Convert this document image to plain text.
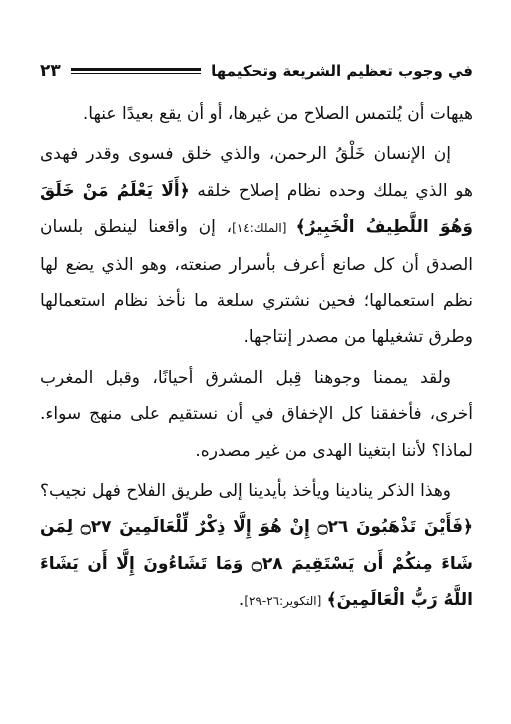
في وجوب تعظيم الشريعة وتحكيمها
٢٣

هيهات أن يُلتمس الصلاح من غيرها، أو أن يقع بعيدًا عنها.

إن الإنسان خَلْقُ الرحمن، والذي خلق فسوى وقدر فهدى هو الذي يملك وحده نظام إصلاح خلقه ﴿أَلَا يَعْلَمُ مَنْ خَلَقَ وَهُوَ اللَّطِيفُ الْخَبِيرُ﴾ [الملك:١٤]، إن واقعنا لينطق بلسان الصدق أن كل صانع أعرف بأسرار صنعته، وهو الذي يضع لها نظم استعمالها؛ فحين نشتري سلعة ما نأخذ نظام استعمالها وطرق تشغيلها من مصدر إنتاجها.

ولقد يممنا وجوهنا قِبل المشرق أحيانًا، وقبل المغرب أخرى، فأخفقنا كل الإخفاق في أن نستقيم على منهج سواء. لماذا؟ لأننا ابتغينا الهدى من غير مصدره.

وهذا الذكر ينادينا ويأخذ بأيدينا إلى طريق الفلاح فهل نجيب؟ ﴿فَأَيْنَ تَذْهَبُونَ ۝٢٦ إِنْ هُوَ إِلَّا ذِكْرٌ لِّلْعَالَمِينَ ۝٢٧ لِمَن شَاءَ مِنكُمْ أَن يَسْتَقِيمَ ۝٢٨ وَمَا تَشَاءُونَ إِلَّا أَن يَشَاءَ اللَّهُ رَبُّ الْعَالَمِينَ﴾ [التكوير:٢٦-٢٩].
